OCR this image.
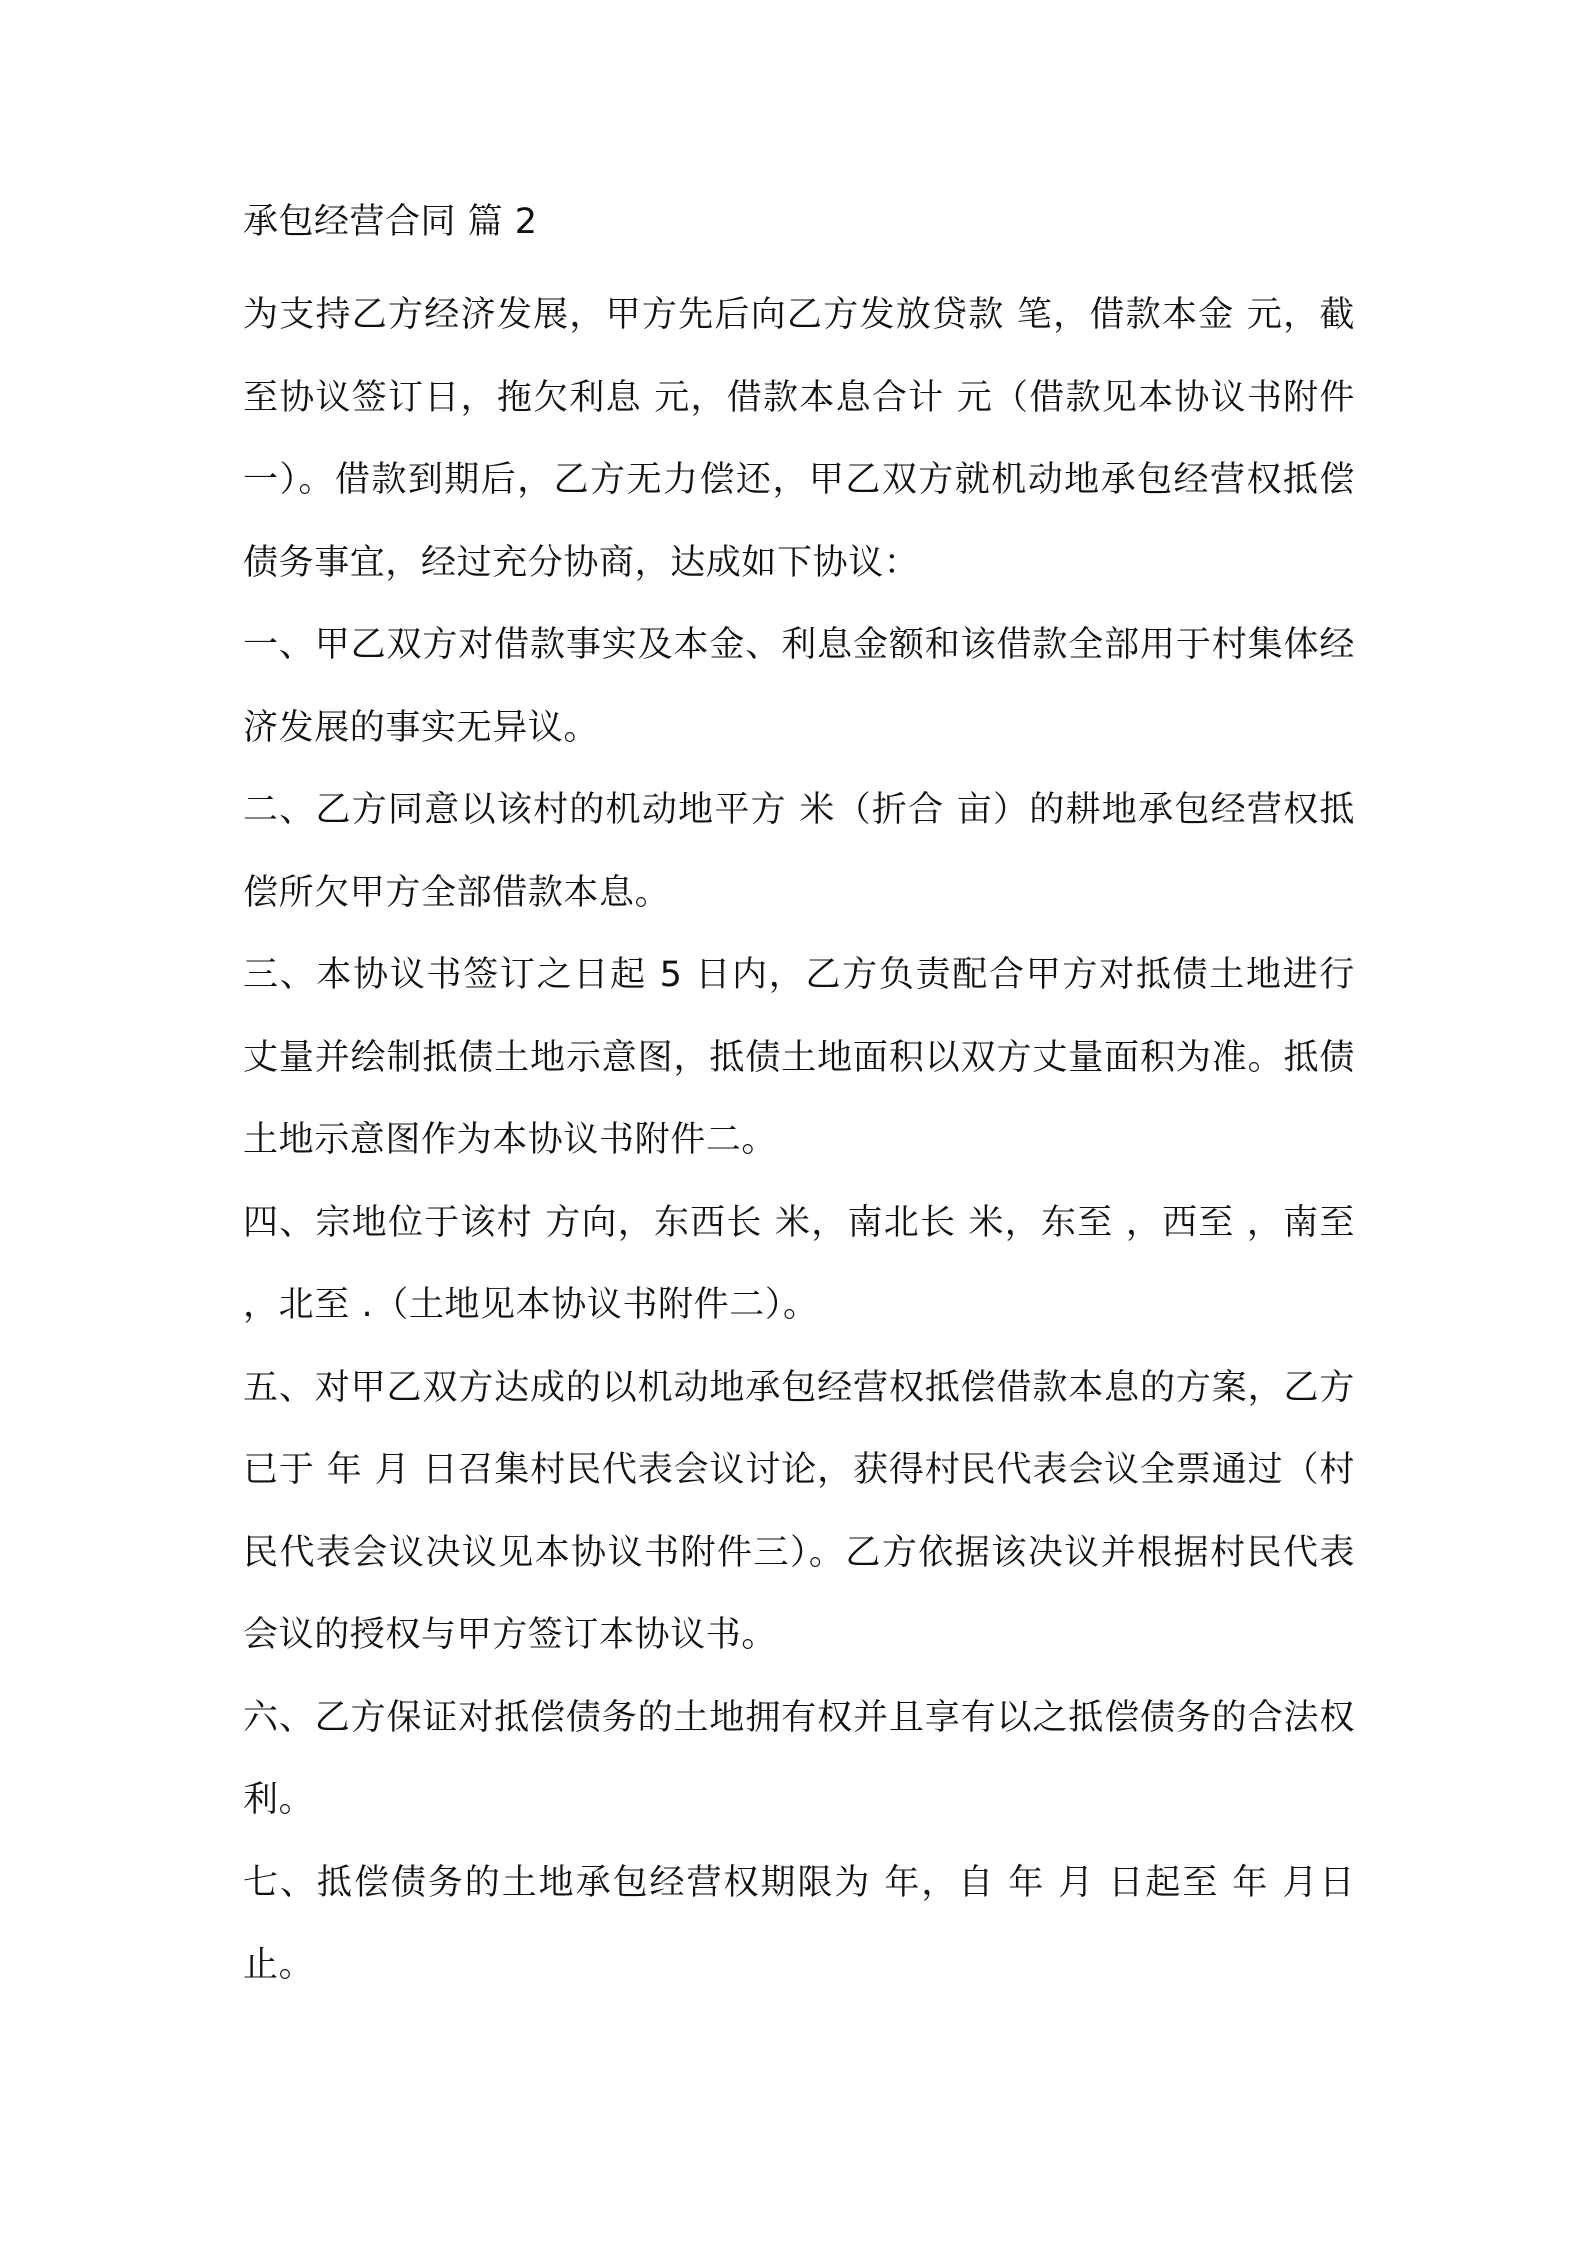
承包经营合同 篇 2

为支持乙方经济发展，甲方先后向乙方发放贷款 笔，借款本金 元，截至协议签订日，拖欠利息 元，借款本息合计 元（借款见本协议书附件一）。借款到期后，乙方无力偿还，甲乙双方就机动地承包经营权抵偿债务事宜，经过充分协商，达成如下协议：

一、甲乙双方对借款事实及本金、利息金额和该借款全部用于村集体经济发展的事实无异议。

二、乙方同意以该村的机动地平方 米（折合 亩）的耕地承包经营权抵偿所欠甲方全部借款本息。

三、本协议书签订之日起 5 日内，乙方负责配合甲方对抵债土地进行丈量并绘制抵债土地示意图，抵债土地面积以双方丈量面积为准。抵债土地示意图作为本协议书附件二。

四、宗地位于该村 方向，东西长 米，南北长 米，东至 ，西至 ，南至 ，北至 .（土地见本协议书附件二）。

五、对甲乙双方达成的以机动地承包经营权抵偿借款本息的方案，乙方已于 年 月 日召集村民代表会议讨论，获得村民代表会议全票通过（村民代表会议决议见本协议书附件三）。乙方依据该决议并根据村民代表会议的授权与甲方签订本协议书。

六、乙方保证对抵偿债务的土地拥有权并且享有以之抵偿债务的合法权利。

七、抵偿债务的土地承包经营权期限为 年，自 年 月 日起至 年 月日止。
